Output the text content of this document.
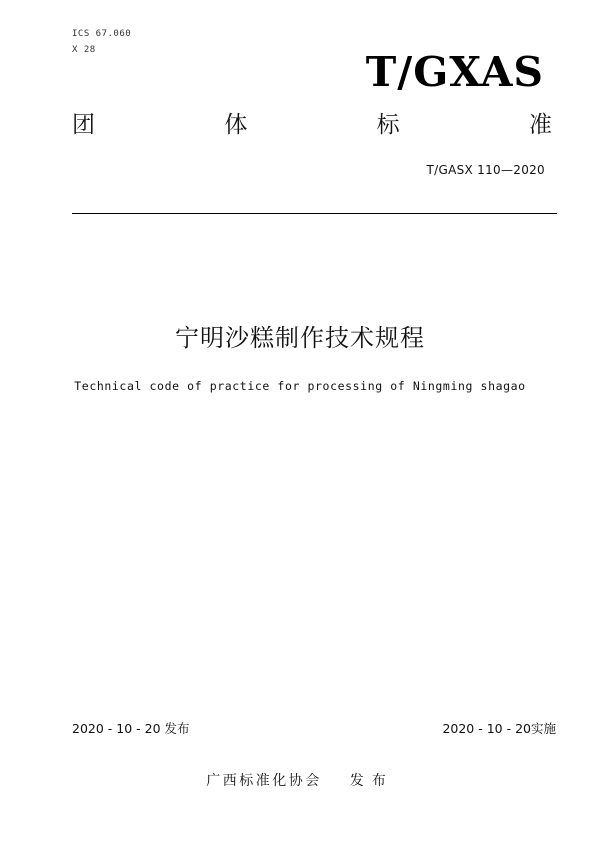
ICS 67.060
X 28	T/GXAS
团	体	标	准
T/GASX 110—2020
宁明沙糕制作技术规程
Technical code of practice for processing of Ningming shagao
2020 - 10 - 20 发布	2020 - 10 - 20实施
广西标准化协会 发布
